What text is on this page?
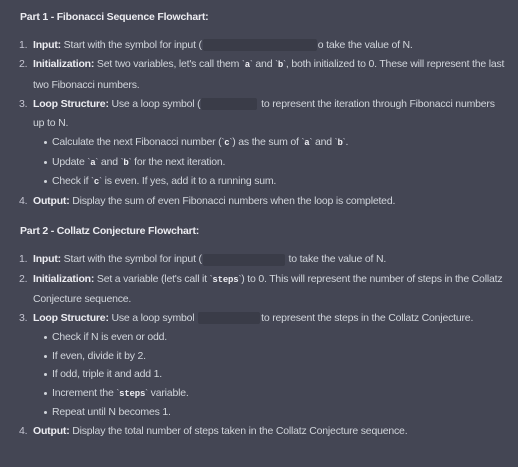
Part 1 - Fibonacci Sequence Flowchart:
1. Input: Start with the symbol for input (	o take the value of N.
2. Initialization: Set two variables, let's call them `a` and `b`, both initialized to 0. These will represent the last two Fibonacci numbers.
3. Loop Structure: Use a loop symbol (	to represent the iteration through Fibonacci numbers up to N.
Calculate the next Fibonacci number (`c`) as the sum of `a` and `b`.
Update `a` and `b` for the next iteration.
Check if `c` is even. If yes, add it to a running sum.
4. Output: Display the sum of even Fibonacci numbers when the loop is completed.
Part 2 - Collatz Conjecture Flowchart:
1. Input: Start with the symbol for input (	to take the value of N.
2. Initialization: Set a variable (let's call it `steps`) to 0. This will represent the number of steps in the Collatz Conjecture sequence.
3. Loop Structure: Use a loop symbol	to represent the steps in the Collatz Conjecture.
Check if N is even or odd.
If even, divide it by 2.
If odd, triple it and add 1.
Increment the `steps` variable.
Repeat until N becomes 1.
4. Output: Display the total number of steps taken in the Collatz Conjecture sequence.
